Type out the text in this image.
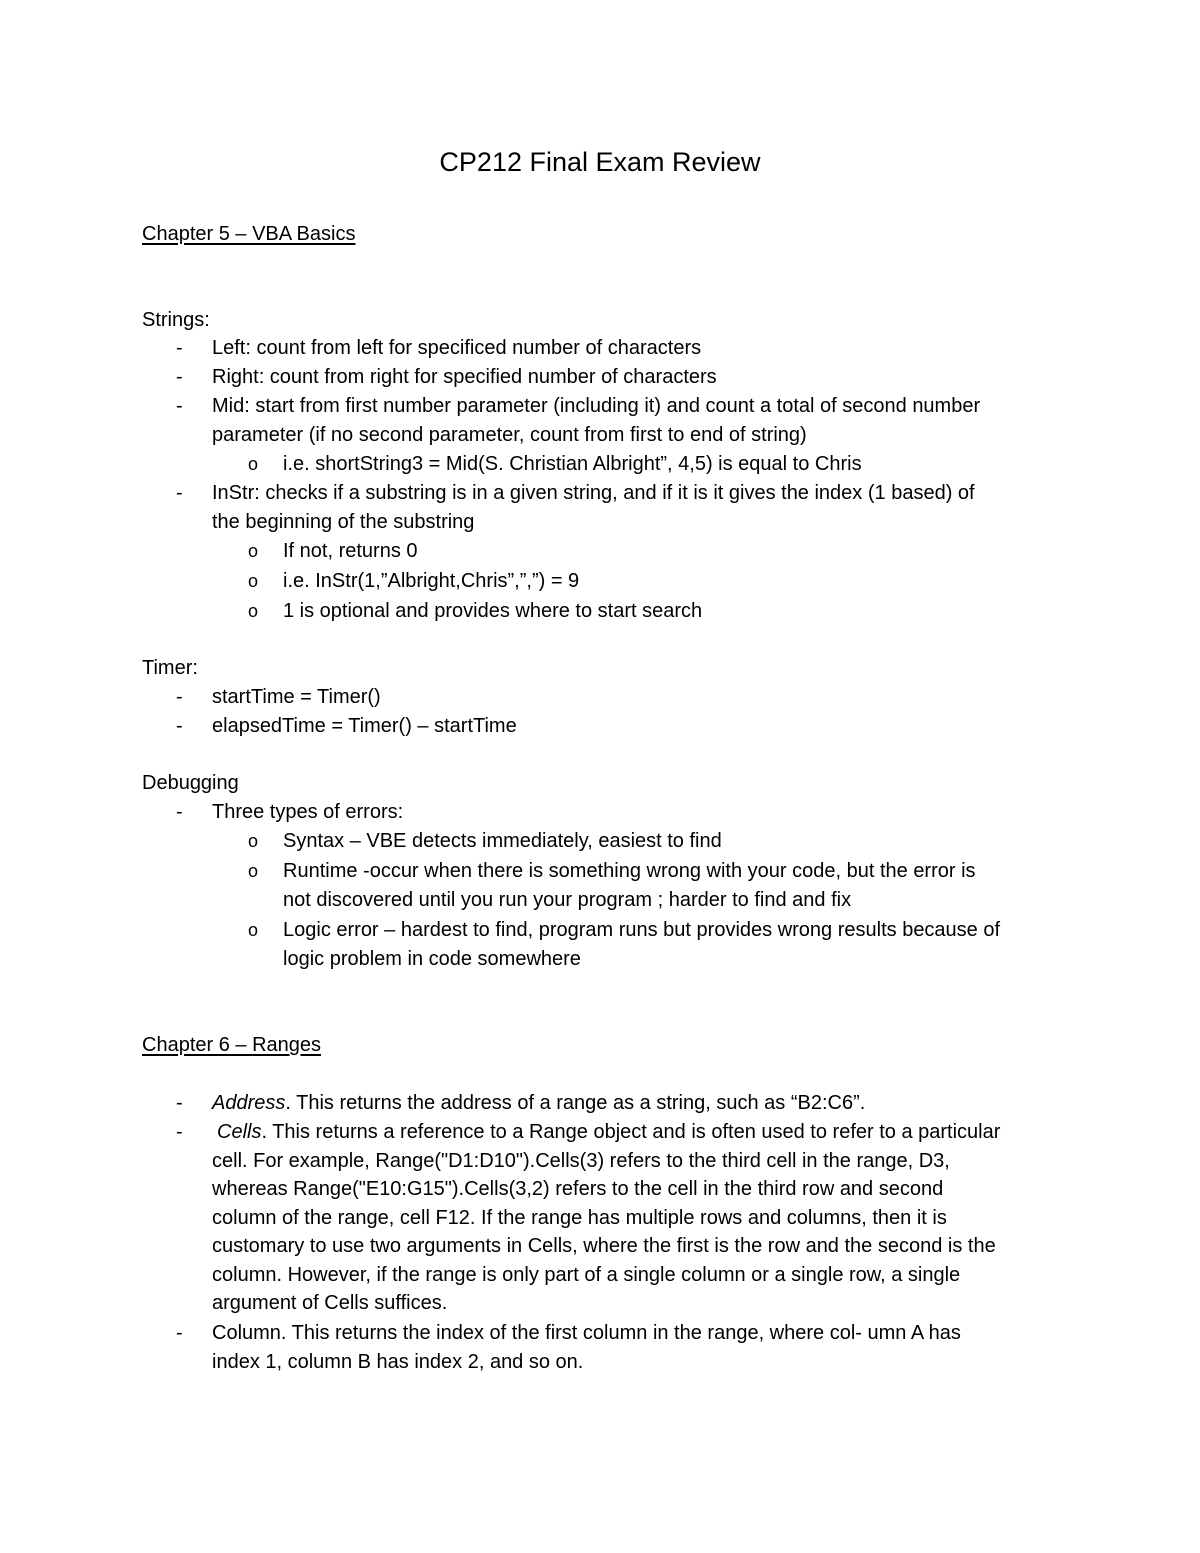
CP212 Final Exam Review
Chapter 5 – VBA Basics
Strings:
- Left: count from left for specificed number of characters
- Right: count from right for specified number of characters
- Mid: start from first number parameter (including it) and count a total of second number
parameter (if no second parameter, count from first to end of string)
o i.e. shortString3 = Mid(S. Christian Albright”, 4,5) is equal to Chris
- InStr: checks if a substring is in a given string, and if it is it gives the index (1 based) of
the beginning of the substring
o If not, returns 0
o i.e. InStr(1,”Albright,Chris”,”,”) = 9
o 1 is optional and provides where to start search
Timer:
- startTime = Timer()
- elapsedTime = Timer() – startTime
Debugging
- Three types of errors:
o Syntax – VBE detects immediately, easiest to find
o Runtime -occur when there is something wrong with your code, but the error is
not discovered until you run your program ; harder to find and fix
o Logic error – hardest to find, program runs but provides wrong results because of
logic problem in code somewhere
Chapter 6 – Ranges
- Address. This returns the address of a range as a string, such as “B2:C6”.
- Cells. This returns a reference to a Range object and is often used to refer to a particular
cell. For example, Range("D1:D10").Cells(3) refers to the third cell in the range, D3,
whereas Range("E10:G15").Cells(3,2) refers to the cell in the third row and second
column of the range, cell F12. If the range has multiple rows and columns, then it is
customary to use two arguments in Cells, where the first is the row and the second is the
column. However, if the range is only part of a single column or a single row, a single
argument of Cells suffices.
- Column. This returns the index of the first column in the range, where col- umn A has
index 1, column B has index 2, and so on.
